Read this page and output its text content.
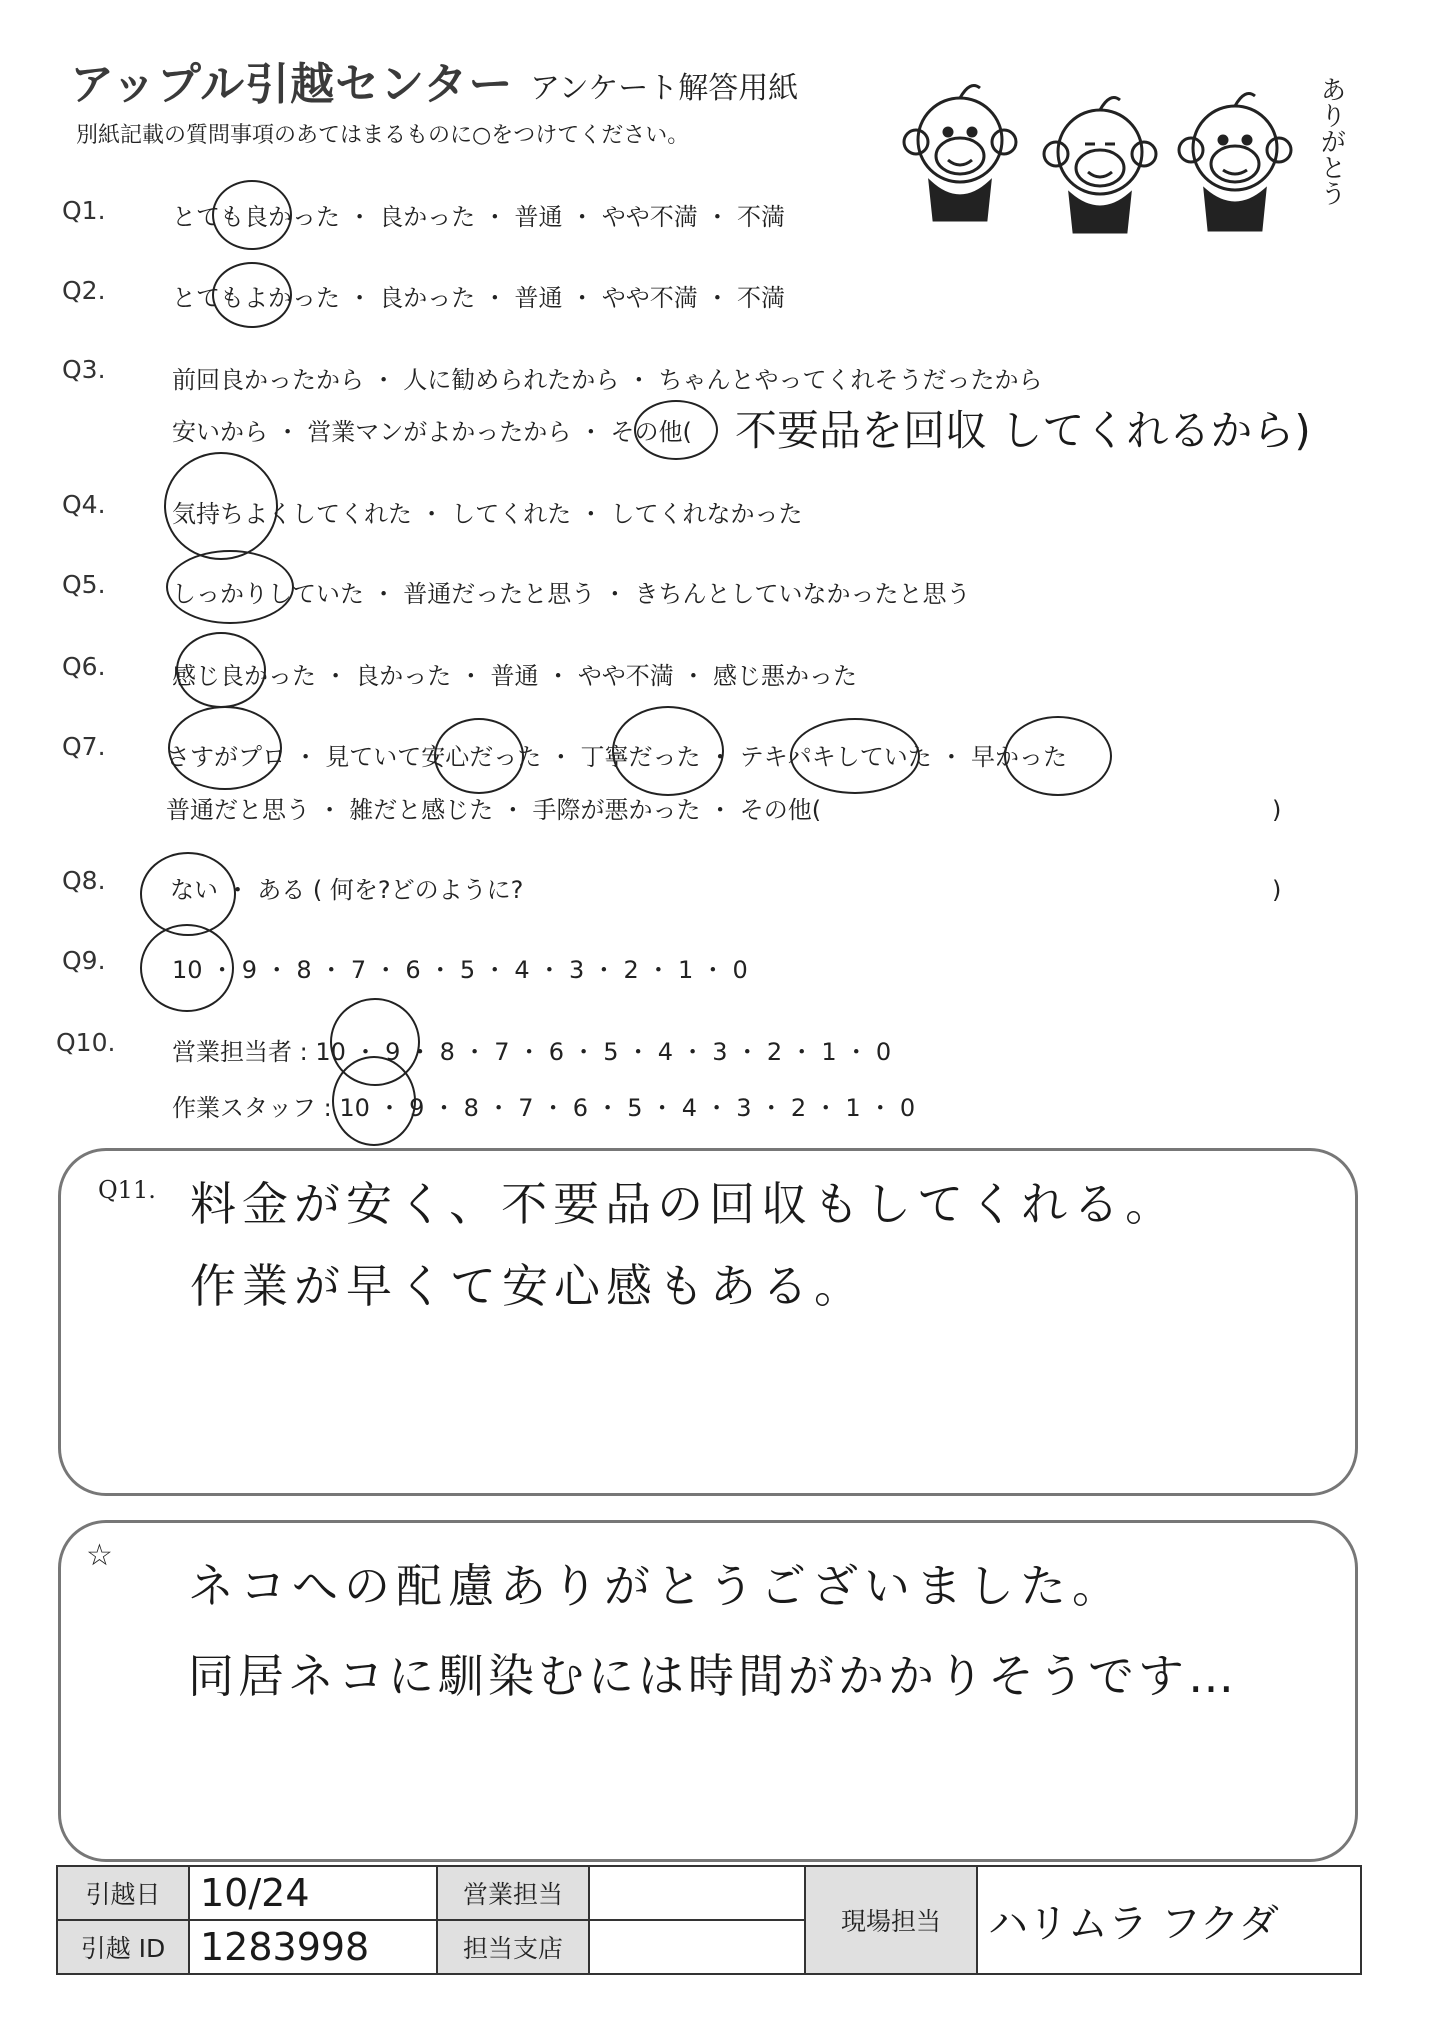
アップル引越センター アンケート解答用紙
別紙記載の質問事項のあてはまるものに○をつけてください。	ありがとう
Q1.	とても良かった ・ 良かった ・ 普通 ・ やや不満 ・ 不満
Q2.	とてもよかった ・ 良かった ・ 普通 ・ やや不満 ・ 不満
Q3.	前回良かったから ・ 人に勧められたから ・ ちゃんとやってくれそうだったから
安いから ・ 営業マンがよかったから ・ その他( 不要品を回収 してくれるから)
Q4.	気持ちよくしてくれた ・ してくれた ・ してくれなかった
Q5.	しっかりしていた ・ 普通だったと思う ・ きちんとしていなかったと思う
Q6.	感じ良かった ・ 良かった ・ 普通 ・ やや不満 ・ 感じ悪かった
Q7.	さすがプロ ・ 見ていて安心だった ・ 丁寧だった ・ テキパキしていた ・ 早かった
普通だと思う ・ 雑だと感じた ・ 手際が悪かった ・ その他(	)
Q8.	ない ・ ある ( 何を?どのように?	)
Q9.	10 ・ 9 ・ 8 ・ 7 ・ 6 ・ 5 ・ 4 ・ 3 ・ 2 ・ 1 ・ 0
Q10. 営業担当者 : 10 ・ 9 ・ 8 ・ 7 ・ 6 ・ 5 ・ 4 ・ 3 ・ 2 ・ 1 ・ 0
作業スタッフ : 10 ・ 9 ・ 8 ・ 7 ・ 6 ・ 5 ・ 4 ・ 3 ・ 2 ・ 1 ・ 0
Q11. 料金が安く、不要品の回収もしてくれる。
作業が早くて安心感もある。
☆
ネコへの配慮ありがとうございました。
同居ネコに馴染むには時間がかかりそうです…
引越日	10/24	営業担当		現場担当	ハリムラ フクダ
引越 ID	1283998	担当支店			
